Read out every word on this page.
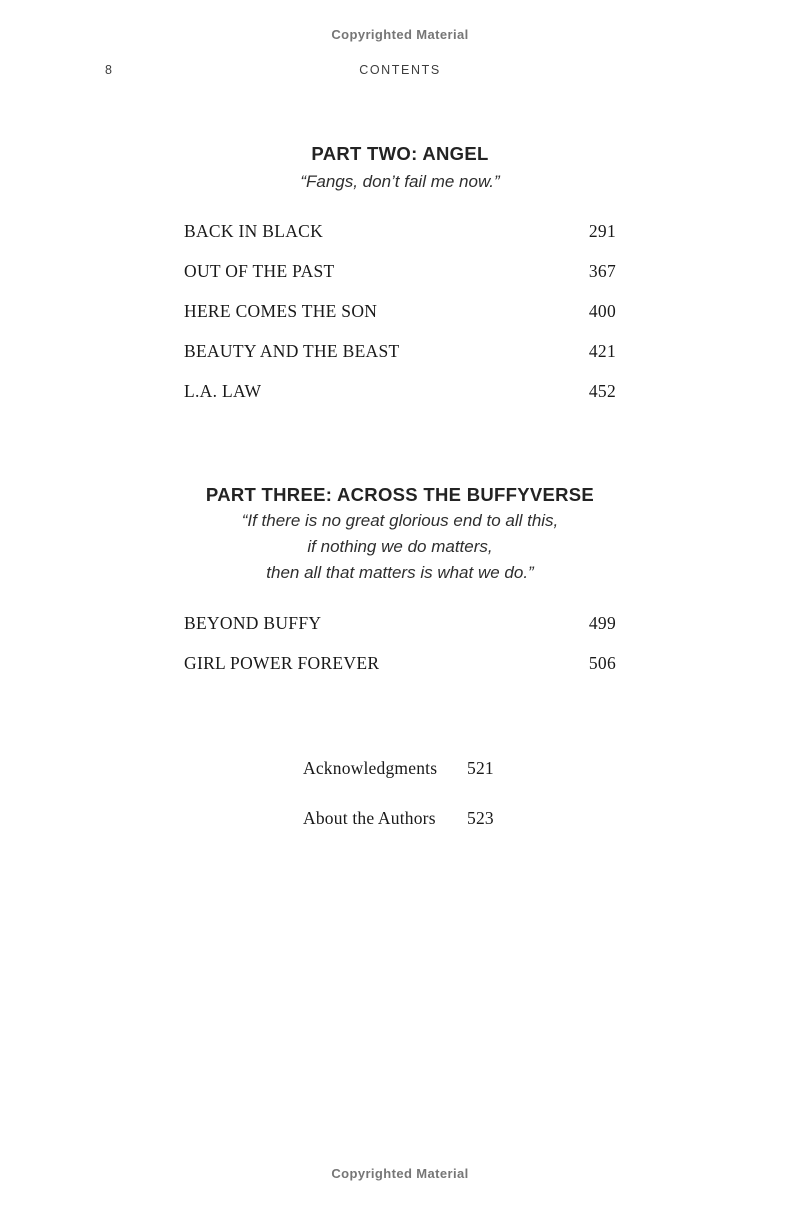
Copyrighted Material
8	CONTENTS
PART TWO: ANGEL
“Fangs, don’t fail me now.”
BACK IN BLACK	291
OUT OF THE PAST	367
HERE COMES THE SON	400
BEAUTY AND THE BEAST	421
L.A. LAW	452
PART THREE: ACROSS THE BUFFYVERSE
“If there is no great glorious end to all this,
if nothing we do matters,
then all that matters is what we do.”
BEYOND BUFFY	499
GIRL POWER FOREVER	506
Acknowledgments	521
About the Authors	523
Copyrighted Material
